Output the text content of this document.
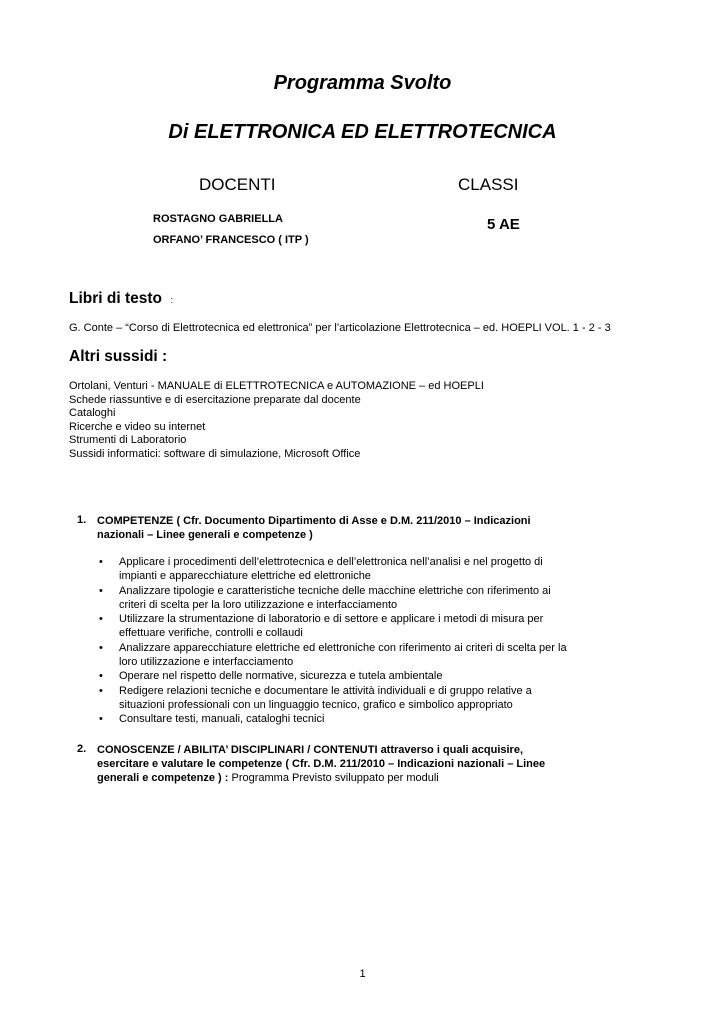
Programma Svolto
Di ELETTRONICA ED ELETTROTECNICA
DOCENTI	CLASSI
ROSTAGNO GABRIELLA
ORFANO’ FRANCESCO ( ITP )
5 AE
Libri di testo :
G. Conte – “Corso di Elettrotecnica ed elettronica” per l’articolazione Elettrotecnica – ed. HOEPLI VOL. 1 - 2 - 3
Altri sussidi :
Ortolani, Venturi - MANUALE di ELETTROTECNICA e AUTOMAZIONE – ed HOEPLI
Schede riassuntive e di esercitazione preparate dal docente
Cataloghi
Ricerche e video su internet
Strumenti di Laboratorio
Sussidi informatici: software di simulazione, Microsoft Office
1. COMPETENZE ( Cfr. Documento Dipartimento di Asse e D.M. 211/2010 – Indicazioni
nazionali – Linee generali e competenze )
• Applicare i procedimenti dell’elettrotecnica e dell’elettronica nell’analisi e nel progetto di
impianti e apparecchiature elettriche ed elettroniche
• Analizzare tipologie e caratteristiche tecniche delle macchine elettriche con riferimento ai
criteri di scelta per la loro utilizzazione e interfacciamento
• Utilizzare la strumentazione di laboratorio e di settore e applicare i metodi di misura per
effettuare verifiche, controlli e collaudi
• Analizzare apparecchiature elettriche ed elettroniche con riferimento ai criteri di scelta per la
loro utilizzazione e interfacciamento
• Operare nel rispetto delle normative, sicurezza e tutela ambientale
• Redigere relazioni tecniche e documentare le attività individuali e di gruppo relative a
situazioni professionali con un linguaggio tecnico, grafico e simbolico appropriato
• Consultare testi, manuali, cataloghi tecnici
2. CONOSCENZE / ABILITA’ DISCIPLINARI / CONTENUTI attraverso i quali acquisire,
esercitare e valutare le competenze ( Cfr. D.M. 211/2010 – Indicazioni nazionali – Linee
generali e competenze ) : Programma Previsto sviluppato per moduli
1
